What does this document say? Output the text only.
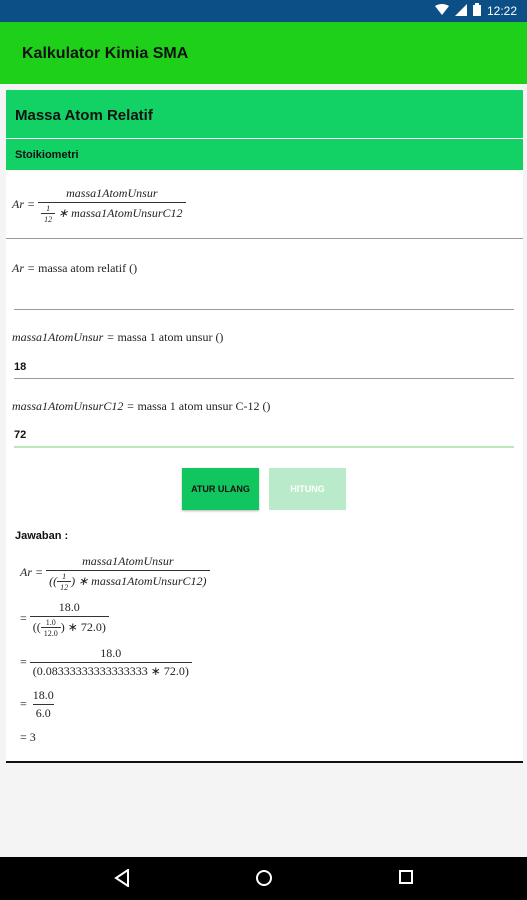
12:22
Kalkulator Kimia SMA
Massa Atom Relatif
Stoikiometri
$Ar = \frac{\text{massa1AtomUnsur}}{\frac{1}{12} ∗ massa1AtomUnsurC12}$
Ar = massa atom relatif ()
massa1AtomUnsur = massa 1 atom unsur ()
18
massa1AtomUnsurC12 = massa 1 atom unsur C-12 ()
72
ATUR ULANG	HITUNG
Jawaban :
$Ar = \frac{\text{massa1AtomUnsur}}{(( \frac{1}{12} ) ∗ massa1AtomUnsurC12)}$
= $\frac{18.0}{(( \frac{1.0}{12.0} ) ∗ 72.0)}$
= $\frac{18.0}{(0.08333333333333333 ∗ 72.0)}$
= $\frac{18.0}{6.0}$
= 3
